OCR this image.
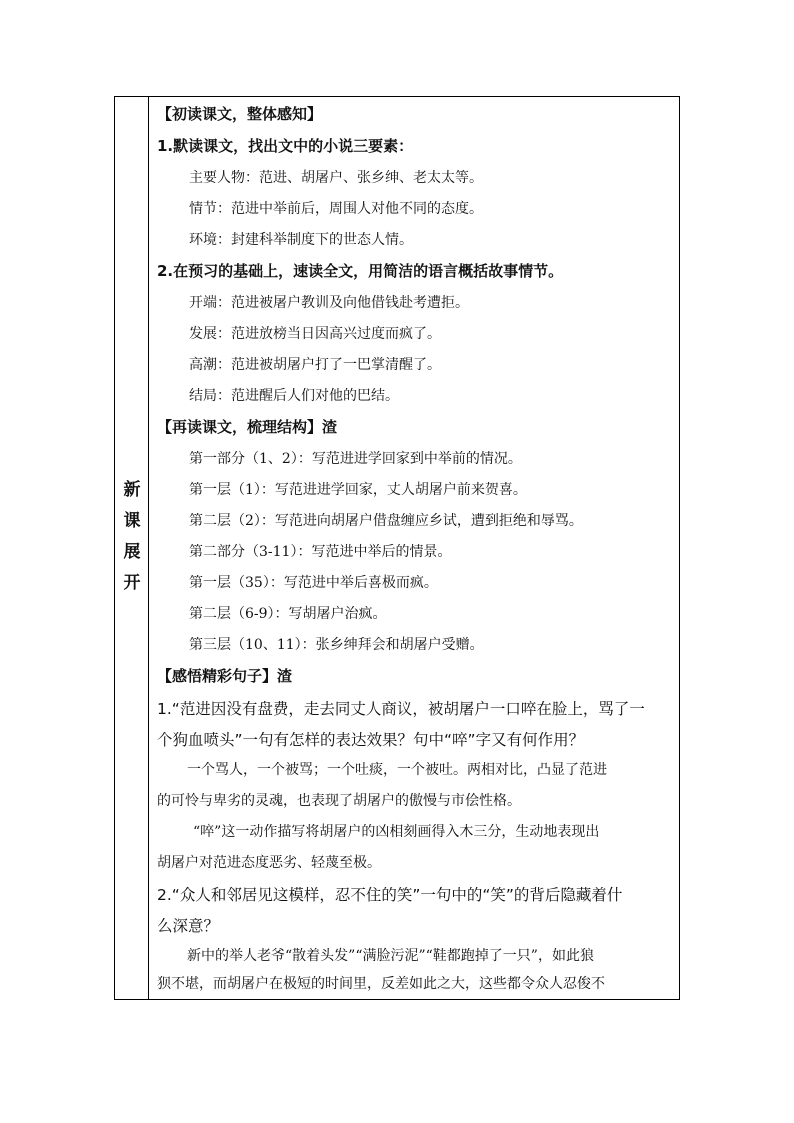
新
课
展
开
【初读课文，整体感知】
1.默读课文，找出文中的小说三要素：
主要人物：范进、胡屠户、张乡绅、老太太等。
情节：范进中举前后，周围人对他不同的态度。
环境：封建科举制度下的世态人情。
2.在预习的基础上，速读全文，用简洁的语言概括故事情节。
开端：范进被屠户教训及向他借钱赴考遭拒。
发展：范进放榜当日因高兴过度而疯了。
高潮：范进被胡屠户打了一巴掌清醒了。
结局：范进醒后人们对他的巴结。
【再读课文，梳理结构】渣
第一部分（1、2）：写范进进学回家到中举前的情况。
第一层（1）：写范进进学回家，丈人胡屠户前来贺喜。
第二层（2）：写范进向胡屠户借盘缠应乡试，遭到拒绝和辱骂。
第二部分（3-11）：写范进中举后的情景。
第一层（35）：写范进中举后喜极而疯。
第二层（6-9）：写胡屠户治疯。
第三层（10、11）：张乡绅拜会和胡屠户受赠。
【感悟精彩句子】渣
1.“范进因没有盘费，走去同丈人商议，被胡屠户一口啐在脸上，骂了一
个狗血喷头”一句有怎样的表达效果？句中“啐”字又有何作用？
一个骂人，一个被骂；一个吐痰，一个被吐。两相对比，凸显了范进
的可怜与卑劣的灵魂，也表现了胡屠户的傲慢与市侩性格。
“啐”这一动作描写将胡屠户的凶相刻画得入木三分，生动地表现出
胡屠户对范进态度恶劣、轻蔑至极。
2.“众人和邻居见这模样，忍不住的笑”一句中的“笑”的背后隐藏着什
么深意？
新中的举人老爷“散着头发”“满脸污泥”“鞋都跑掉了一只”，如此狼
狈不堪，而胡屠户在极短的时间里，反差如此之大，这些都令众人忍俊不
